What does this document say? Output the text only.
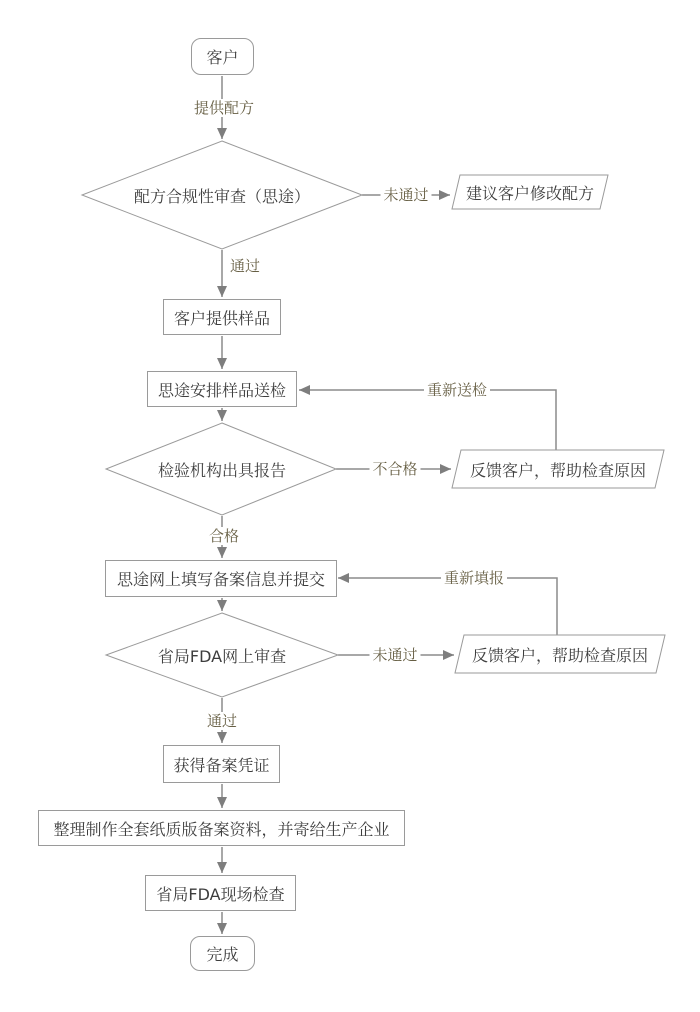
客户
客户提供样品
思途安排样品送检
思途网上填写备案信息并提交
获得备案凭证
整理制作全套纸质版备案资料，并寄给生产企业
省局FDA现场检查
完成
配方合规性审查（思途）
检验机构出具报告
省局FDA网上审查
建议客户修改配方
反馈客户，帮助检查原因
反馈客户，帮助检查原因
提供配方
通过
未通过
不合格
合格
重新送检
未通过
重新填报
通过
